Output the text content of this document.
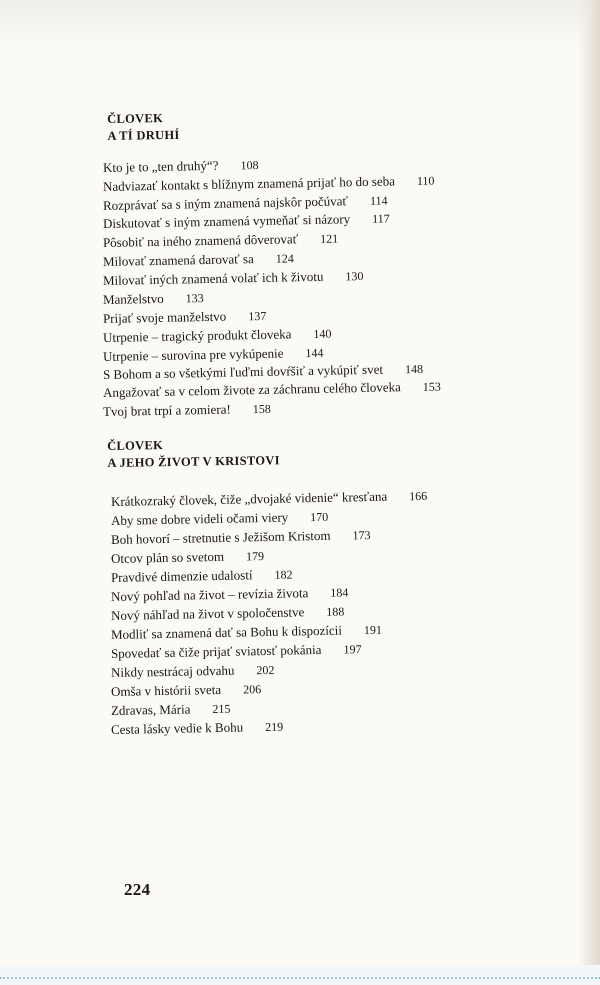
ČLOVEK
A TÍ DRUHÍ
Kto je to „ten druhý“? 108
Nadviazať kontakt s blížnym znamená prijať ho do seba 110
Rozprávať sa s iným znamená najskôr počúvať 114
Diskutovať s iným znamená vymeňať si názory 117
Pôsobiť na iného znamená dôverovať 121
Milovať znamená darovať sa 124
Milovať iných znamená volať ich k životu 130
Manželstvo 133
Prijať svoje manželstvo 137
Utrpenie – tragický produkt človeka 140
Utrpenie – surovina pre vykúpenie 144
S Bohom a so všetkými ľuďmi dovŕšiť a vykúpiť svet 148
Angažovať sa v celom živote za záchranu celého človeka 153
Tvoj brat trpí a zomiera! 158
ČLOVEK
A JEHO ŽIVOT V KRISTOVI
Krátkozraký človek, čiže „dvojaké videnie“ kresťana 166
Aby sme dobre videli očami viery 170
Boh hovorí – stretnutie s Ježišom Kristom 173
Otcov plán so svetom 179
Pravdivé dimenzie udalostí 182
Nový pohľad na život – revízia života 184
Nový náhľad na život v spoločenstve 188
Modliť sa znamená dať sa Bohu k dispozícii 191
Spovedať sa čiže prijať sviatosť pokánia 197
Nikdy nestrácaj odvahu 202
Omša v histórii sveta 206
Zdravas, Mária 215
Cesta lásky vedie k Bohu 219
224
